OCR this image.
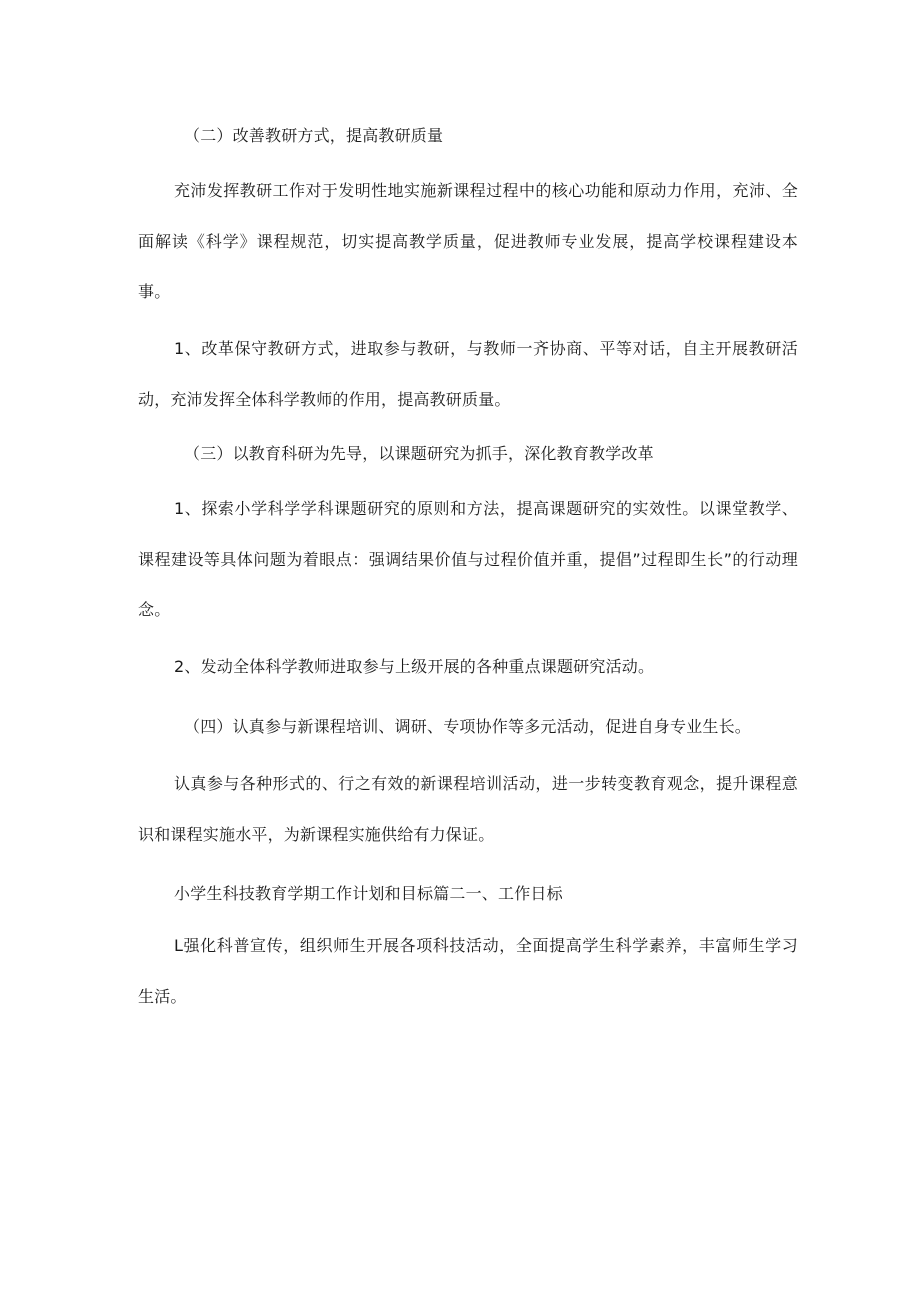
（二）改善教研方式，提高教研质量

充沛发挥教研工作对于发明性地实施新课程过程中的核心功能和原动力作用，充沛、全面解读《科学》课程规范，切实提高教学质量，促进教师专业发展，提高学校课程建设本事。

1、改革保守教研方式，进取参与教研，与教师一齐协商、平等对话，自主开展教研活动，充沛发挥全体科学教师的作用，提高教研质量。

（三）以教育科研为先导，以课题研究为抓手，深化教育教学改革

1、探索小学科学学科课题研究的原则和方法，提高课题研究的实效性。以课堂教学、课程建设等具体问题为着眼点：强调结果价值与过程价值并重，提倡”过程即生长”的行动理念。

2、发动全体科学教师进取参与上级开展的各种重点课题研究活动。

（四）认真参与新课程培训、调研、专项协作等多元活动，促进自身专业生长。

认真参与各种形式的、行之有效的新课程培训活动，进一步转变教育观念，提升课程意识和课程实施水平，为新课程实施供给有力保证。

小学生科技教育学期工作计划和目标篇二一、工作日标

L强化科普宣传，组织师生开展各项科技活动，全面提高学生科学素养，丰富师生学习生活。
